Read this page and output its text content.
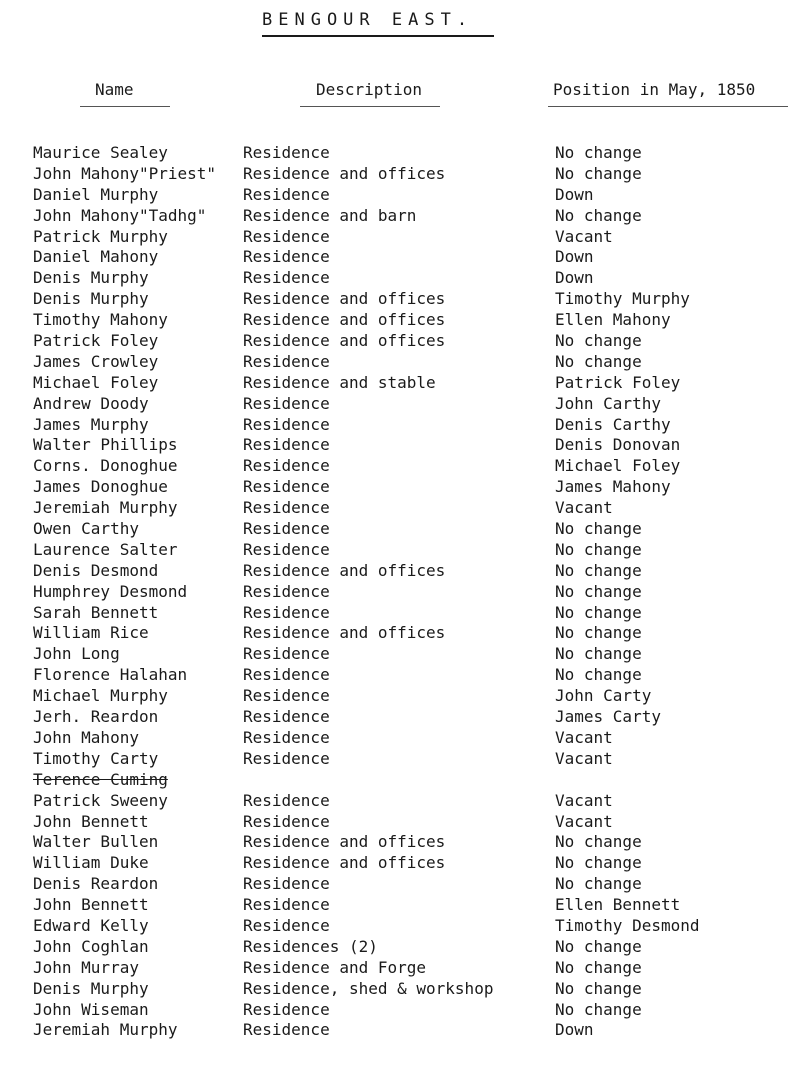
BENGOUR EAST.
Name	Description	Position in May, 1850
Maurice Sealey	Residence	No change
John Mahony"Priest" Residence and offices	No change
Daniel Murphy	Residence	Down
John Mahony"Tadhg" Residence and barn	No change
Patrick Murphy	Residence	Vacant
Daniel Mahony	Residence	Down
Denis Murphy	Residence	Down
Denis Murphy	Residence and offices	Timothy Murphy
Timothy Mahony	Residence and offices	Ellen Mahony
Patrick Foley	Residence and offices	No change
James Crowley	Residence	No change
Michael Foley	Residence and stable	Patrick Foley
Andrew Doody	Residence	John Carthy
James Murphy	Residence	Denis Carthy
Walter Phillips	Residence	Denis Donovan
Corns. Donoghue	Residence	Michael Foley
James Donoghue	Residence	James Mahony
Jeremiah Murphy	Residence	Vacant
Owen Carthy	Residence	No change
Laurence Salter	Residence	No change
Denis Desmond	Residence and offices	No change
Humphrey Desmond	Residence	No change
Sarah Bennett	Residence	No change
William Rice	Residence and offices	No change
John Long	Residence	No change
Florence Halahan	Residence	No change
Michael Murphy	Residence	John Carty
Jerh. Reardon	Residence	James Carty
John Mahony	Residence	Vacant
Timothy Carty	Residence	Vacant
Terence Cuming
Patrick Sweeny	Residence	Vacant
John Bennett	Residence	Vacant
Walter Bullen	Residence and offices	No change
William Duke	Residence and offices	No change
Denis Reardon	Residence	No change
John Bennett	Residence	Ellen Bennett
Edward Kelly	Residence	Timothy Desmond
John Coghlan	Residences (2)	No change
John Murray	Residence and Forge	No change
Denis Murphy	Residence, shed & workshop	No change
John Wiseman	Residence	No change
Jeremiah Murphy	Residence	Down
